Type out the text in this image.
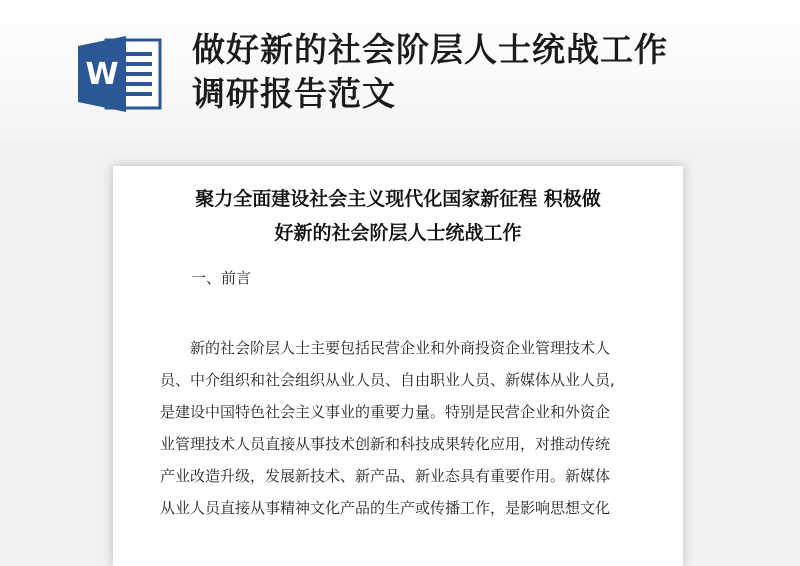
W
做好新的社会阶层人士统战工作
调研报告范文
聚力全面建设社会主义现代化国家新征程 积极做
好新的社会阶层人士统战工作
一、前言
新的社会阶层人士主要包括民营企业和外商投资企业管理技术人
员、中介组织和社会组织从业人员、自由职业人员、新媒体从业人员,
是建设中国特色社会主义事业的重要力量。特别是民营企业和外资企
业管理技术人员直接从事技术创新和科技成果转化应用，对推动传统
产业改造升级，发展新技术、新产品、新业态具有重要作用。新媒体
从业人员直接从事精神文化产品的生产或传播工作，是影响思想文化
